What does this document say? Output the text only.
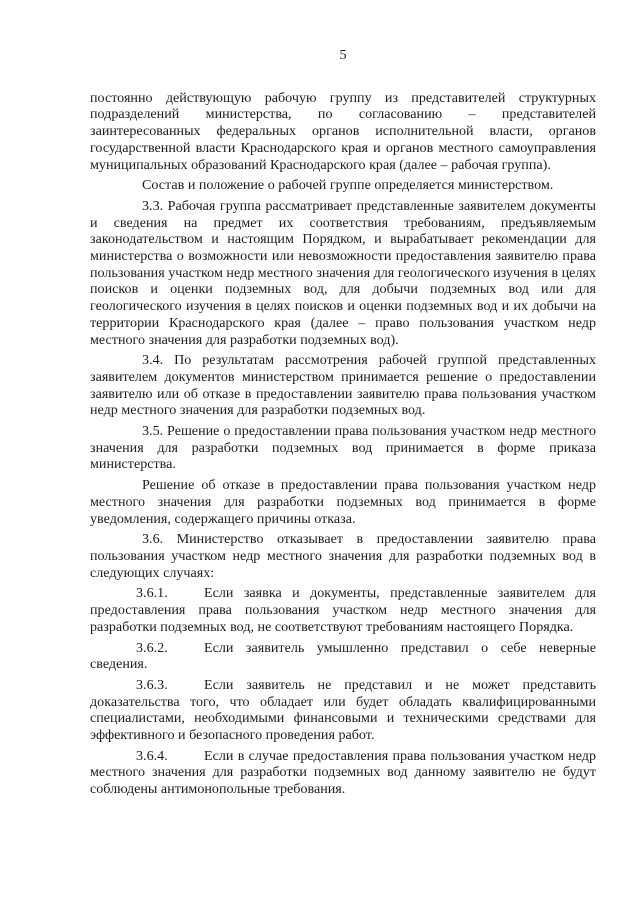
5

постоянно действующую рабочую группу из представителей структурных подразделений министерства, по согласованию – представителей заинтересованных федеральных органов исполнительной власти, органов государственной власти Краснодарского края и органов местного самоуправления муниципальных образований Краснодарского края (далее – рабочая группа).

Состав и положение о рабочей группе определяется министерством.

3.3. Рабочая группа рассматривает представленные заявителем документы и сведения на предмет их соответствия требованиям, предъявляемым законодательством и настоящим Порядком, и вырабатывает рекомендации для министерства о возможности или невозможности предоставления заявителю права пользования участком недр местного значения для геологического изучения в целях поисков и оценки подземных вод, для добычи подземных вод или для геологического изучения в целях поисков и оценки подземных вод и их добычи на территории Краснодарского края (далее – право пользования участком недр местного значения для разработки подземных вод).

3.4. По результатам рассмотрения рабочей группой представленных заявителем документов министерством принимается решение о предоставлении заявителю или об отказе в предоставлении заявителю права пользования участком недр местного значения для разработки подземных вод.

3.5. Решение о предоставлении права пользования участком недр местного значения для разработки подземных вод принимается в форме приказа министерства.

Решение об отказе в предоставлении права пользования участком недр местного значения для разработки подземных вод принимается в форме уведомления, содержащего причины отказа.

3.6. Министерство отказывает в предоставлении заявителю права пользования участком недр местного значения для разработки подземных вод в следующих случаях:

3.6.1.	Если заявка и документы, представленные заявителем для предоставления права пользования участком недр местного значения для разработки подземных вод, не соответствуют требованиям настоящего Порядка.
3.6.2.	Если заявитель умышленно представил о себе неверные сведения.
3.6.3.	Если заявитель не представил и не может представить доказательства того, что обладает или будет обладать квалифицированными специалистами, необходимыми финансовыми и техническими средствами для эффективного и безопасного проведения работ.
3.6.4.	Если в случае предоставления права пользования участком недр местного значения для разработки подземных вод данному заявителю не будут соблюдены антимонопольные требования.
